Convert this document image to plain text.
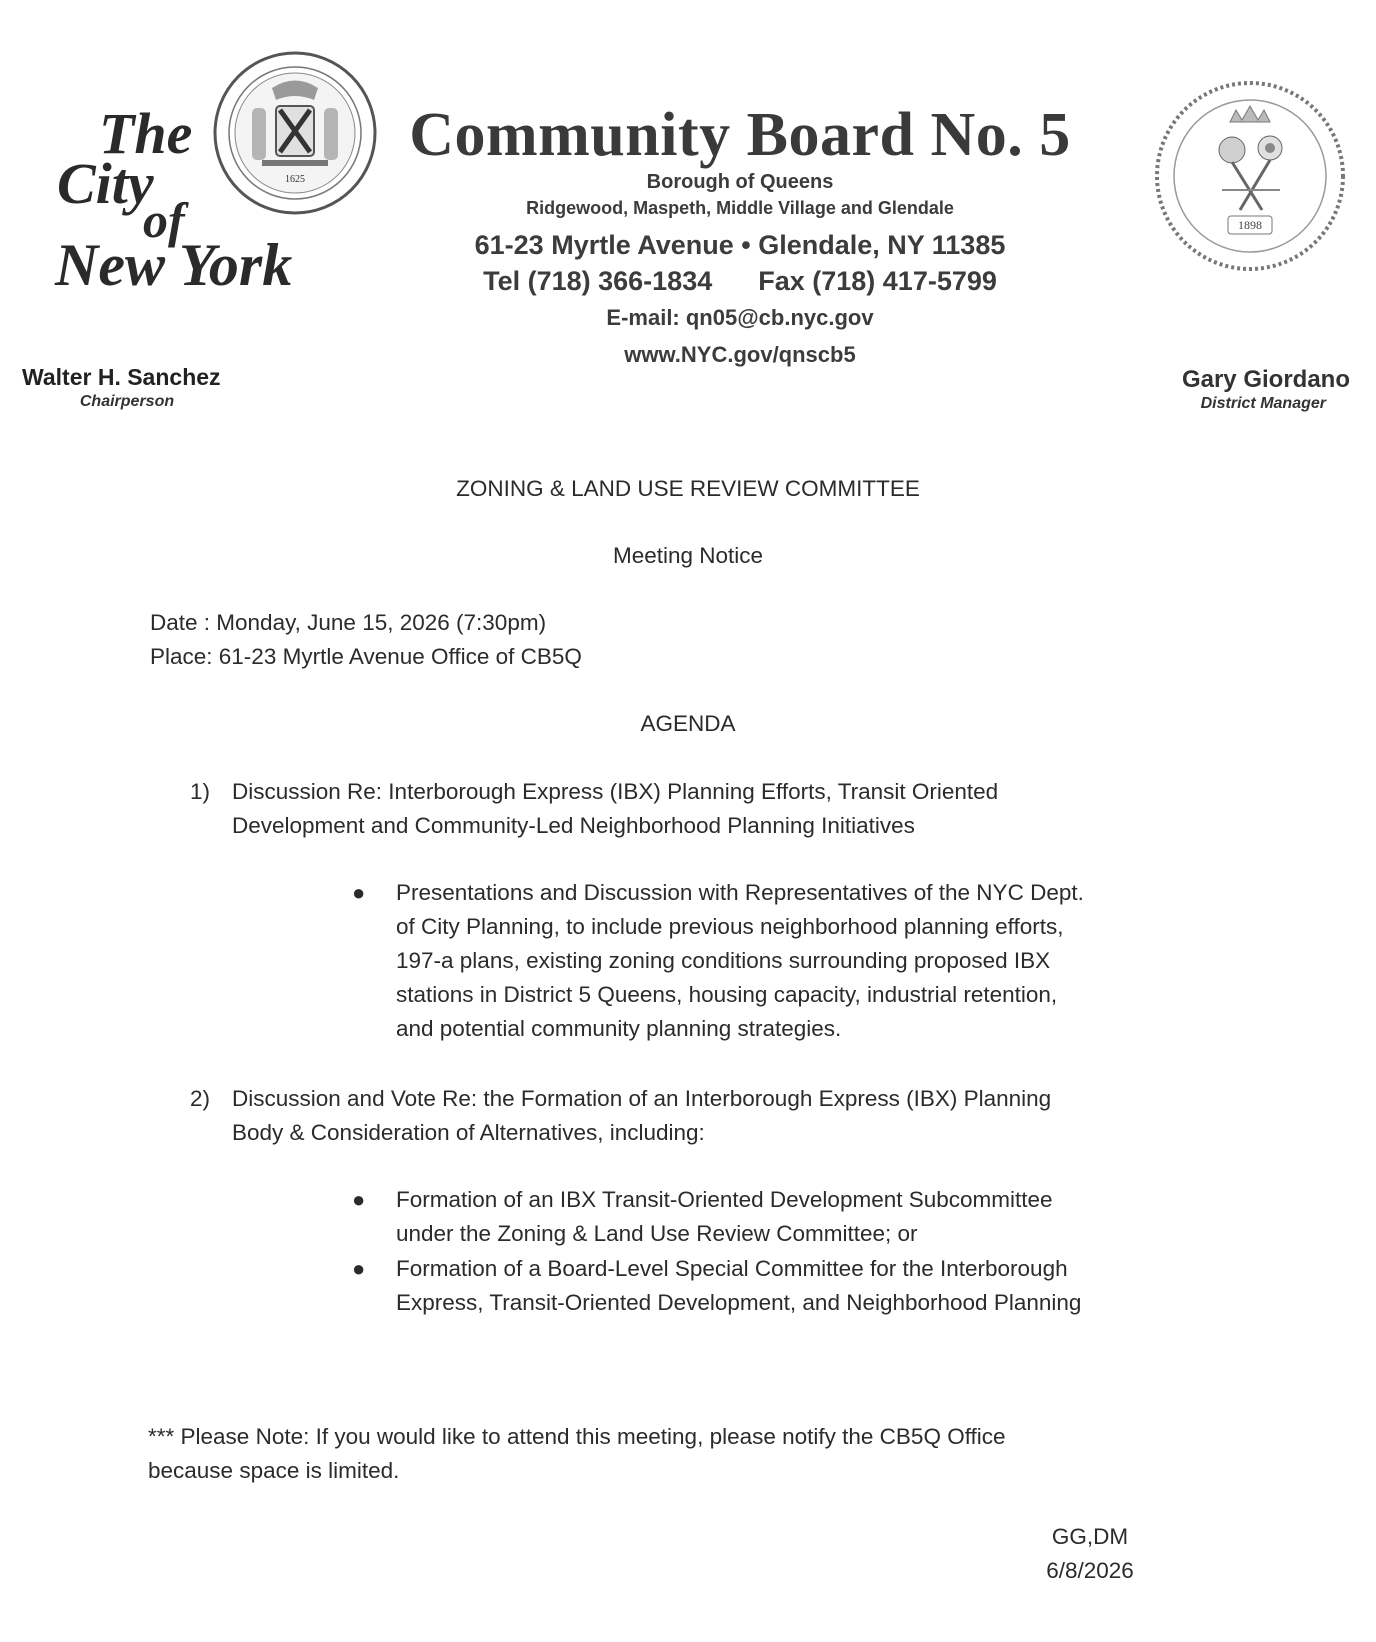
The
City
of
New York
1625
Community Board No. 5
Borough of Queens
Ridgewood, Maspeth, Middle Village and Glendale
61-23 Myrtle Avenue • Glendale, NY 11385
Tel (718) 366-1834 Fax (718) 417-5799
E-mail: qn05@cb.nyc.gov
www.NYC.gov/qnscb5
1898
Walter H. Sanchez
Chairperson
Gary Giordano
District Manager
ZONING & LAND USE REVIEW COMMITTEE
Meeting Notice
Date : Monday, June 15, 2026 (7:30pm)
Place: 61-23 Myrtle Avenue Office of CB5Q
AGENDA
1) Discussion Re: Interborough Express (IBX) Planning Efforts, Transit Oriented
Development and Community-Led Neighborhood Planning Initiatives
● Presentations and Discussion with Representatives of the NYC Dept.
of City Planning, to include previous neighborhood planning efforts,
197-a plans, existing zoning conditions surrounding proposed IBX
stations in District 5 Queens, housing capacity, industrial retention,
and potential community planning strategies.
2) Discussion and Vote Re: the Formation of an Interborough Express (IBX) Planning
Body & Consideration of Alternatives, including:
● Formation of an IBX Transit-Oriented Development Subcommittee
under the Zoning & Land Use Review Committee; or
● Formation of a Board-Level Special Committee for the Interborough
Express, Transit-Oriented Development, and Neighborhood Planning
*** Please Note: If you would like to attend this meeting, please notify the CB5Q Office
because space is limited.
GG,DM
6/8/2026
